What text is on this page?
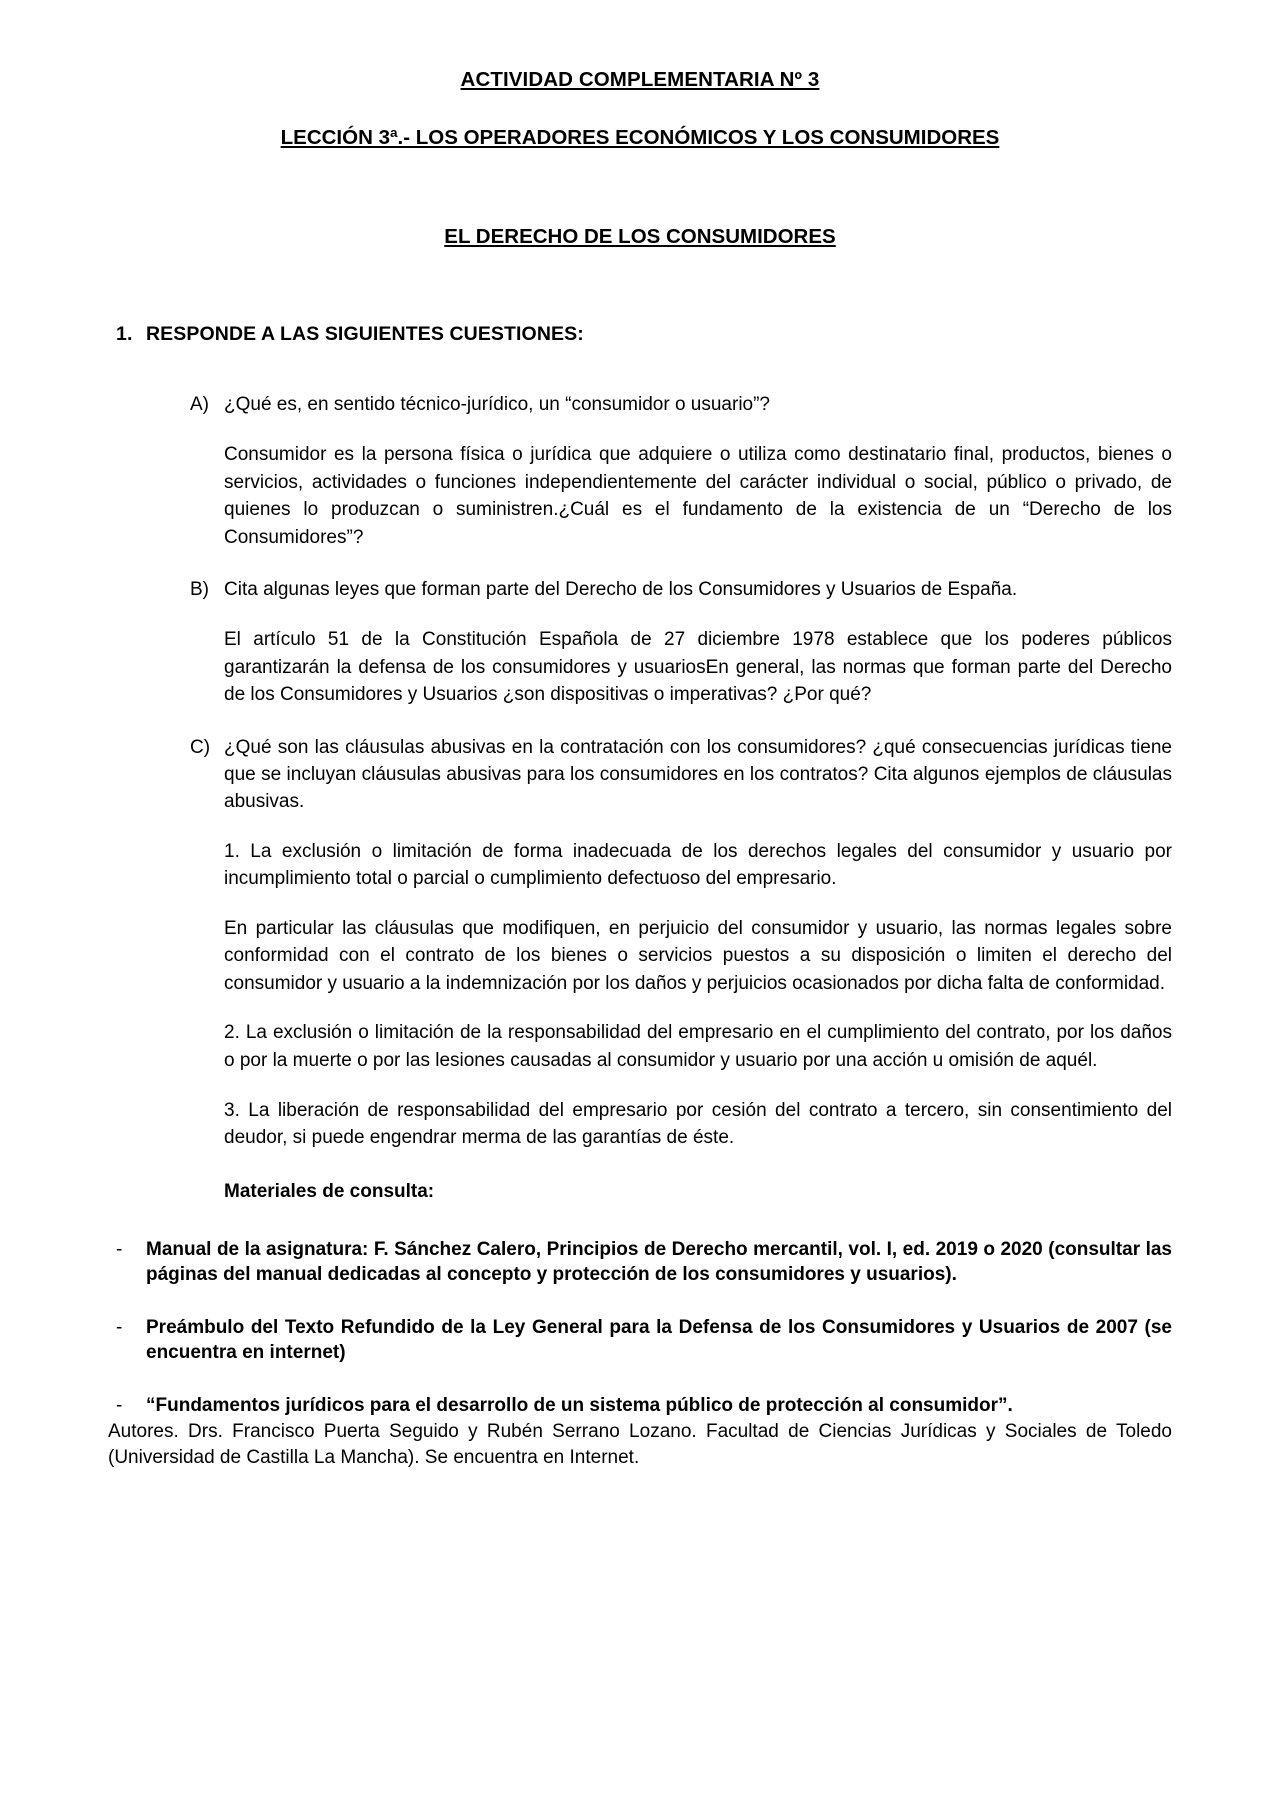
ACTIVIDAD COMPLEMENTARIA Nº 3
LECCIÓN 3ª.- LOS OPERADORES ECONÓMICOS Y LOS CONSUMIDORES
EL DERECHO DE LOS CONSUMIDORES
1. RESPONDE A LAS SIGUIENTES CUESTIONES:
A) ¿Qué es, en sentido técnico-jurídico, un “consumidor o usuario”?
Consumidor es la persona física o jurídica que adquiere o utiliza como destinatario final, productos, bienes o servicios, actividades o funciones independientemente del carácter individual o social, público o privado, de quienes lo produzcan o suministren.¿Cuál es el fundamento de la existencia de un “Derecho de los Consumidores”?
B) Cita algunas leyes que forman parte del Derecho de los Consumidores y Usuarios de España.
El artículo 51 de la Constitución Española de 27 diciembre 1978 establece que los poderes públicos garantizarán la defensa de los consumidores y usuariosEn general, las normas que forman parte del Derecho de los Consumidores y Usuarios ¿son dispositivas o imperativas? ¿Por qué?
C) ¿Qué son las cláusulas abusivas en la contratación con los consumidores? ¿qué consecuencias jurídicas tiene que se incluyan cláusulas abusivas para los consumidores en los contratos? Cita algunos ejemplos de cláusulas abusivas.
1. La exclusión o limitación de forma inadecuada de los derechos legales del consumidor y usuario por incumplimiento total o parcial o cumplimiento defectuoso del empresario.
En particular las cláusulas que modifiquen, en perjuicio del consumidor y usuario, las normas legales sobre conformidad con el contrato de los bienes o servicios puestos a su disposición o limiten el derecho del consumidor y usuario a la indemnización por los daños y perjuicios ocasionados por dicha falta de conformidad.
2. La exclusión o limitación de la responsabilidad del empresario en el cumplimiento del contrato, por los daños o por la muerte o por las lesiones causadas al consumidor y usuario por una acción u omisión de aquél.
3. La liberación de responsabilidad del empresario por cesión del contrato a tercero, sin consentimiento del deudor, si puede engendrar merma de las garantías de éste.
Materiales de consulta:
-	Manual de la asignatura: F. Sánchez Calero, Principios de Derecho mercantil, vol. I, ed. 2019 o 2020 (consultar las páginas del manual dedicadas al concepto y protección de los consumidores y usuarios).
-	Preámbulo del Texto Refundido de la Ley General para la Defensa de los Consumidores y Usuarios de 2007 (se encuentra en internet)
-	“Fundamentos jurídicos para el desarrollo de un sistema público de protección al consumidor”.
Autores. Drs. Francisco Puerta Seguido y Rubén Serrano Lozano. Facultad de Ciencias Jurídicas y Sociales de Toledo (Universidad de Castilla La Mancha). Se encuentra en Internet.
